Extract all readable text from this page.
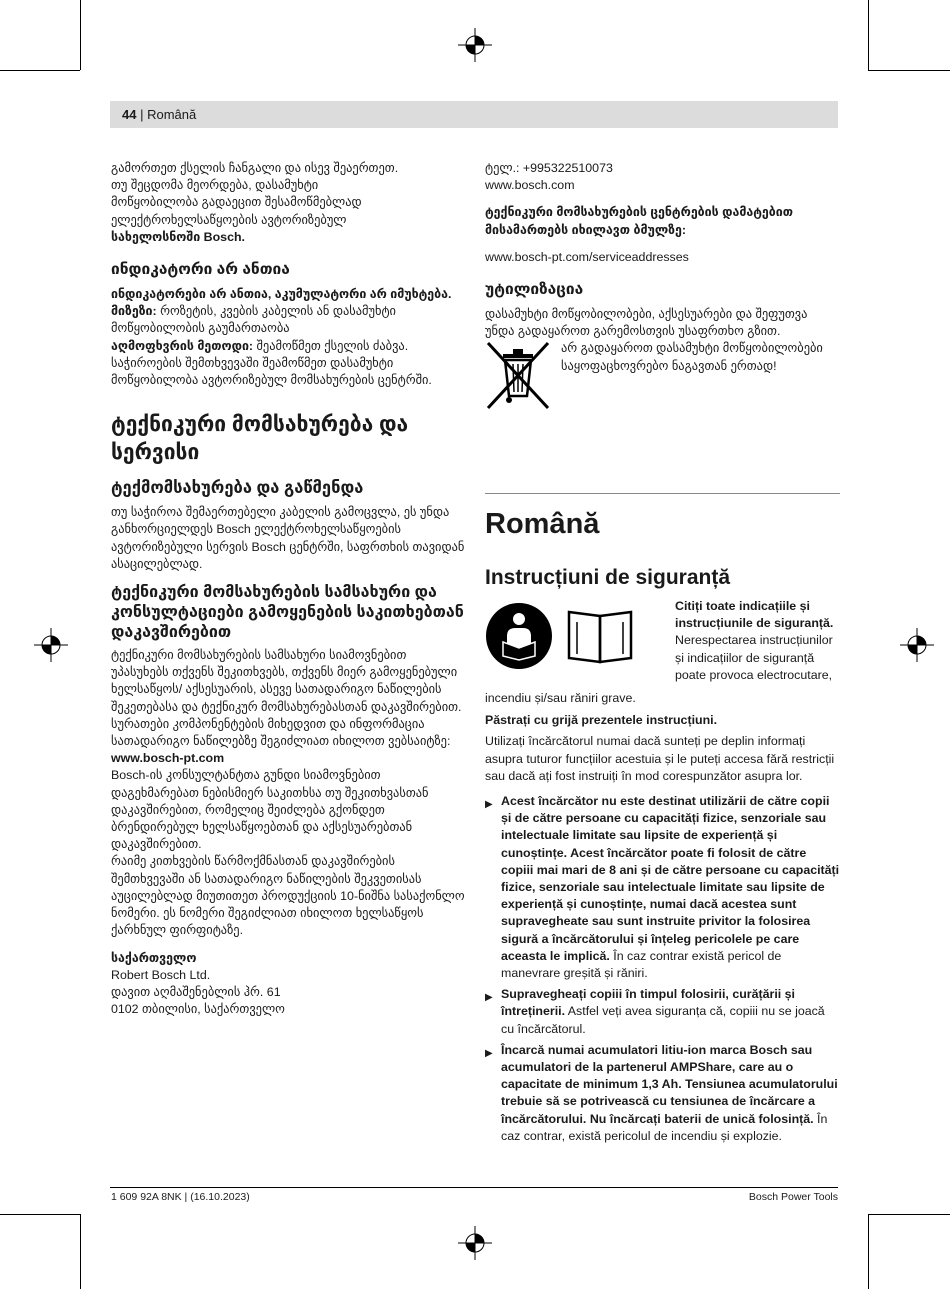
44 | Română

გამორთეთ ქსელის ჩანგალი და ისევ შეაერთეთ.

თუ შეცდომა მეორდება, დასამუხტი

მოწყობილობა გადაეცით შესამოწმებლად

ელექტროხელსაწყოების ავტორიზებულ

სახელოსნოში Bosch.

ინდიკატორი არ ანთია

ინდიკატორები არ ანთია, აკუმულატორი არ იმუხტება.

მიზეზი: როზეტის, კვების კაბელის ან დასამუხტი მოწყობილობის გაუმართაობა

აღმოფხვრის მეთოდი: შეამოწმეთ ქსელის ძაბვა. საჭიროების შემთხვევაში შეამოწმეთ დასამუხტი მოწყობილობა ავტორიზებულ მომსახურების ცენტრში.

ტექნიკური მომსახურება და სერვისი
ტექმომსახურება და გაწმენდა

თუ საჭიროა შემაერთებელი კაბელის გამოცვლა, ეს უნდა განხორციელდეს Bosch ელექტროხელსაწყოების ავტორიზებული სერვის Bosch ცენტრში, საფრთხის თავიდან ასაცილებლად.

ტექნიკური მომსახურების სამსახური და კონსულტაციები გამოყენების საკითხებთან დაკავშირებით

ტექნიკური მომსახურების სამსახური სიამოვნებით უპასუხებს თქვენს შეკითხვებს, თქვენს მიერ გამოყენებული ხელსაწყოს/ აქსესუარის, ასევე სათადარიგო ნაწილების შეკეთებასა და ტექნიკურ მომსახურებასთან დაკავშირებით. სურათები კომპონენტების მიხედვით და ინფორმაცია სათადარიგო ნაწილებზე შეგიძლიათ იხილოთ ვებსაიტზე:

www.bosch-pt.com

Bosch-ის კონსულტანტთა გუნდი სიამოვნებით დაგეხმარებათ ნებისმიერ საკითხსა თუ შეკითხვასთან დაკავშირებით, რომელიც შეიძლება გქონდეთ ბრენდირებულ ხელსაწყოებთან და აქსესუარებთან დაკავშირებით.

რაიმე კითხვების წარმოქმნასთან დაკავშირების შემთხვევაში ან სათადარიგო ნაწილების შეკვეთისას აუცილებლად მიუთითეთ პროდუქციის 10-ნიშნა სასაქონლო ნომერი. ეს ნომერი შეგიძლიათ იხილოთ ხელსაწყოს ქარხნულ ფირფიტაზე.

საქართველო

Robert Bosch Ltd.

დავით აღმაშენებლის ჰრ. 61

0102 თბილისი, საქართველო

ტელ.: +995322510073

www.bosch.com

ტექნიკური მომსახურების ცენტრების დამატებით მისამართებს იხილავთ ბმულზე:

www.bosch-pt.com/serviceaddresses

უტილიზაცია

დასამუხტი მოწყობილობები, აქსესუარები და შეფუთვა უნდა გადაყაროთ გარემოსთვის უსაფრთხო გზით.

არ გადაყაროთ დასამუხტი მოწყობილობები საყოფაცხოვრებო ნაგავთან ერთად!

Română
Instrucțiuni de siguranță

Citiți toate indicațiile și instrucțiunile de siguranță. Nerespectarea instrucțiunilor și indicațiilor de siguranță poate provoca electrocutare,

incendiu și/sau răniri grave.

Păstrați cu grijă prezentele instrucțiuni.

Utilizați încărcătorul numai dacă sunteți pe deplin informați asupra tuturor funcțiilor acestuia și le puteți accesa fără restricții sau dacă ați fost instruiți în mod corespunzător asupra lor.

▶ Acest încărcător nu este destinat utilizării de către copii și de către persoane cu capacități fizice, senzoriale sau intelectuale limitate sau lipsite de experiență și cunoștințe. Acest încărcător poate fi folosit de către copiii mai mari de 8 ani și de către persoane cu capacități fizice, senzoriale sau intelectuale limitate sau lipsite de experiență și cunoștințe, numai dacă acestea sunt supravegheate sau sunt instruite privitor la folosirea sigură a încărcătorului și înțeleg pericolele pe care aceasta le implică. În caz contrar există pericol de manevrare greșită și răniri.
▶ Supravegheați copiii în timpul folosirii, curățării și întreținerii. Astfel veți avea siguranța că, copiii nu se joacă cu încărcătorul.
▶ Încarcă numai acumulatori litiu-ion marca Bosch sau acumulatori de la partenerul AMPShare, care au o capacitate de minimum 1,3 Ah. Tensiunea acumulatorului trebuie să se potrivească cu tensiunea de încărcare a încărcătorului. Nu încărcați baterii de unică folosință. În caz contrar, există pericolul de incendiu și explozie.
1 609 92A 8NK | (16.10.2023)	Bosch Power Tools
